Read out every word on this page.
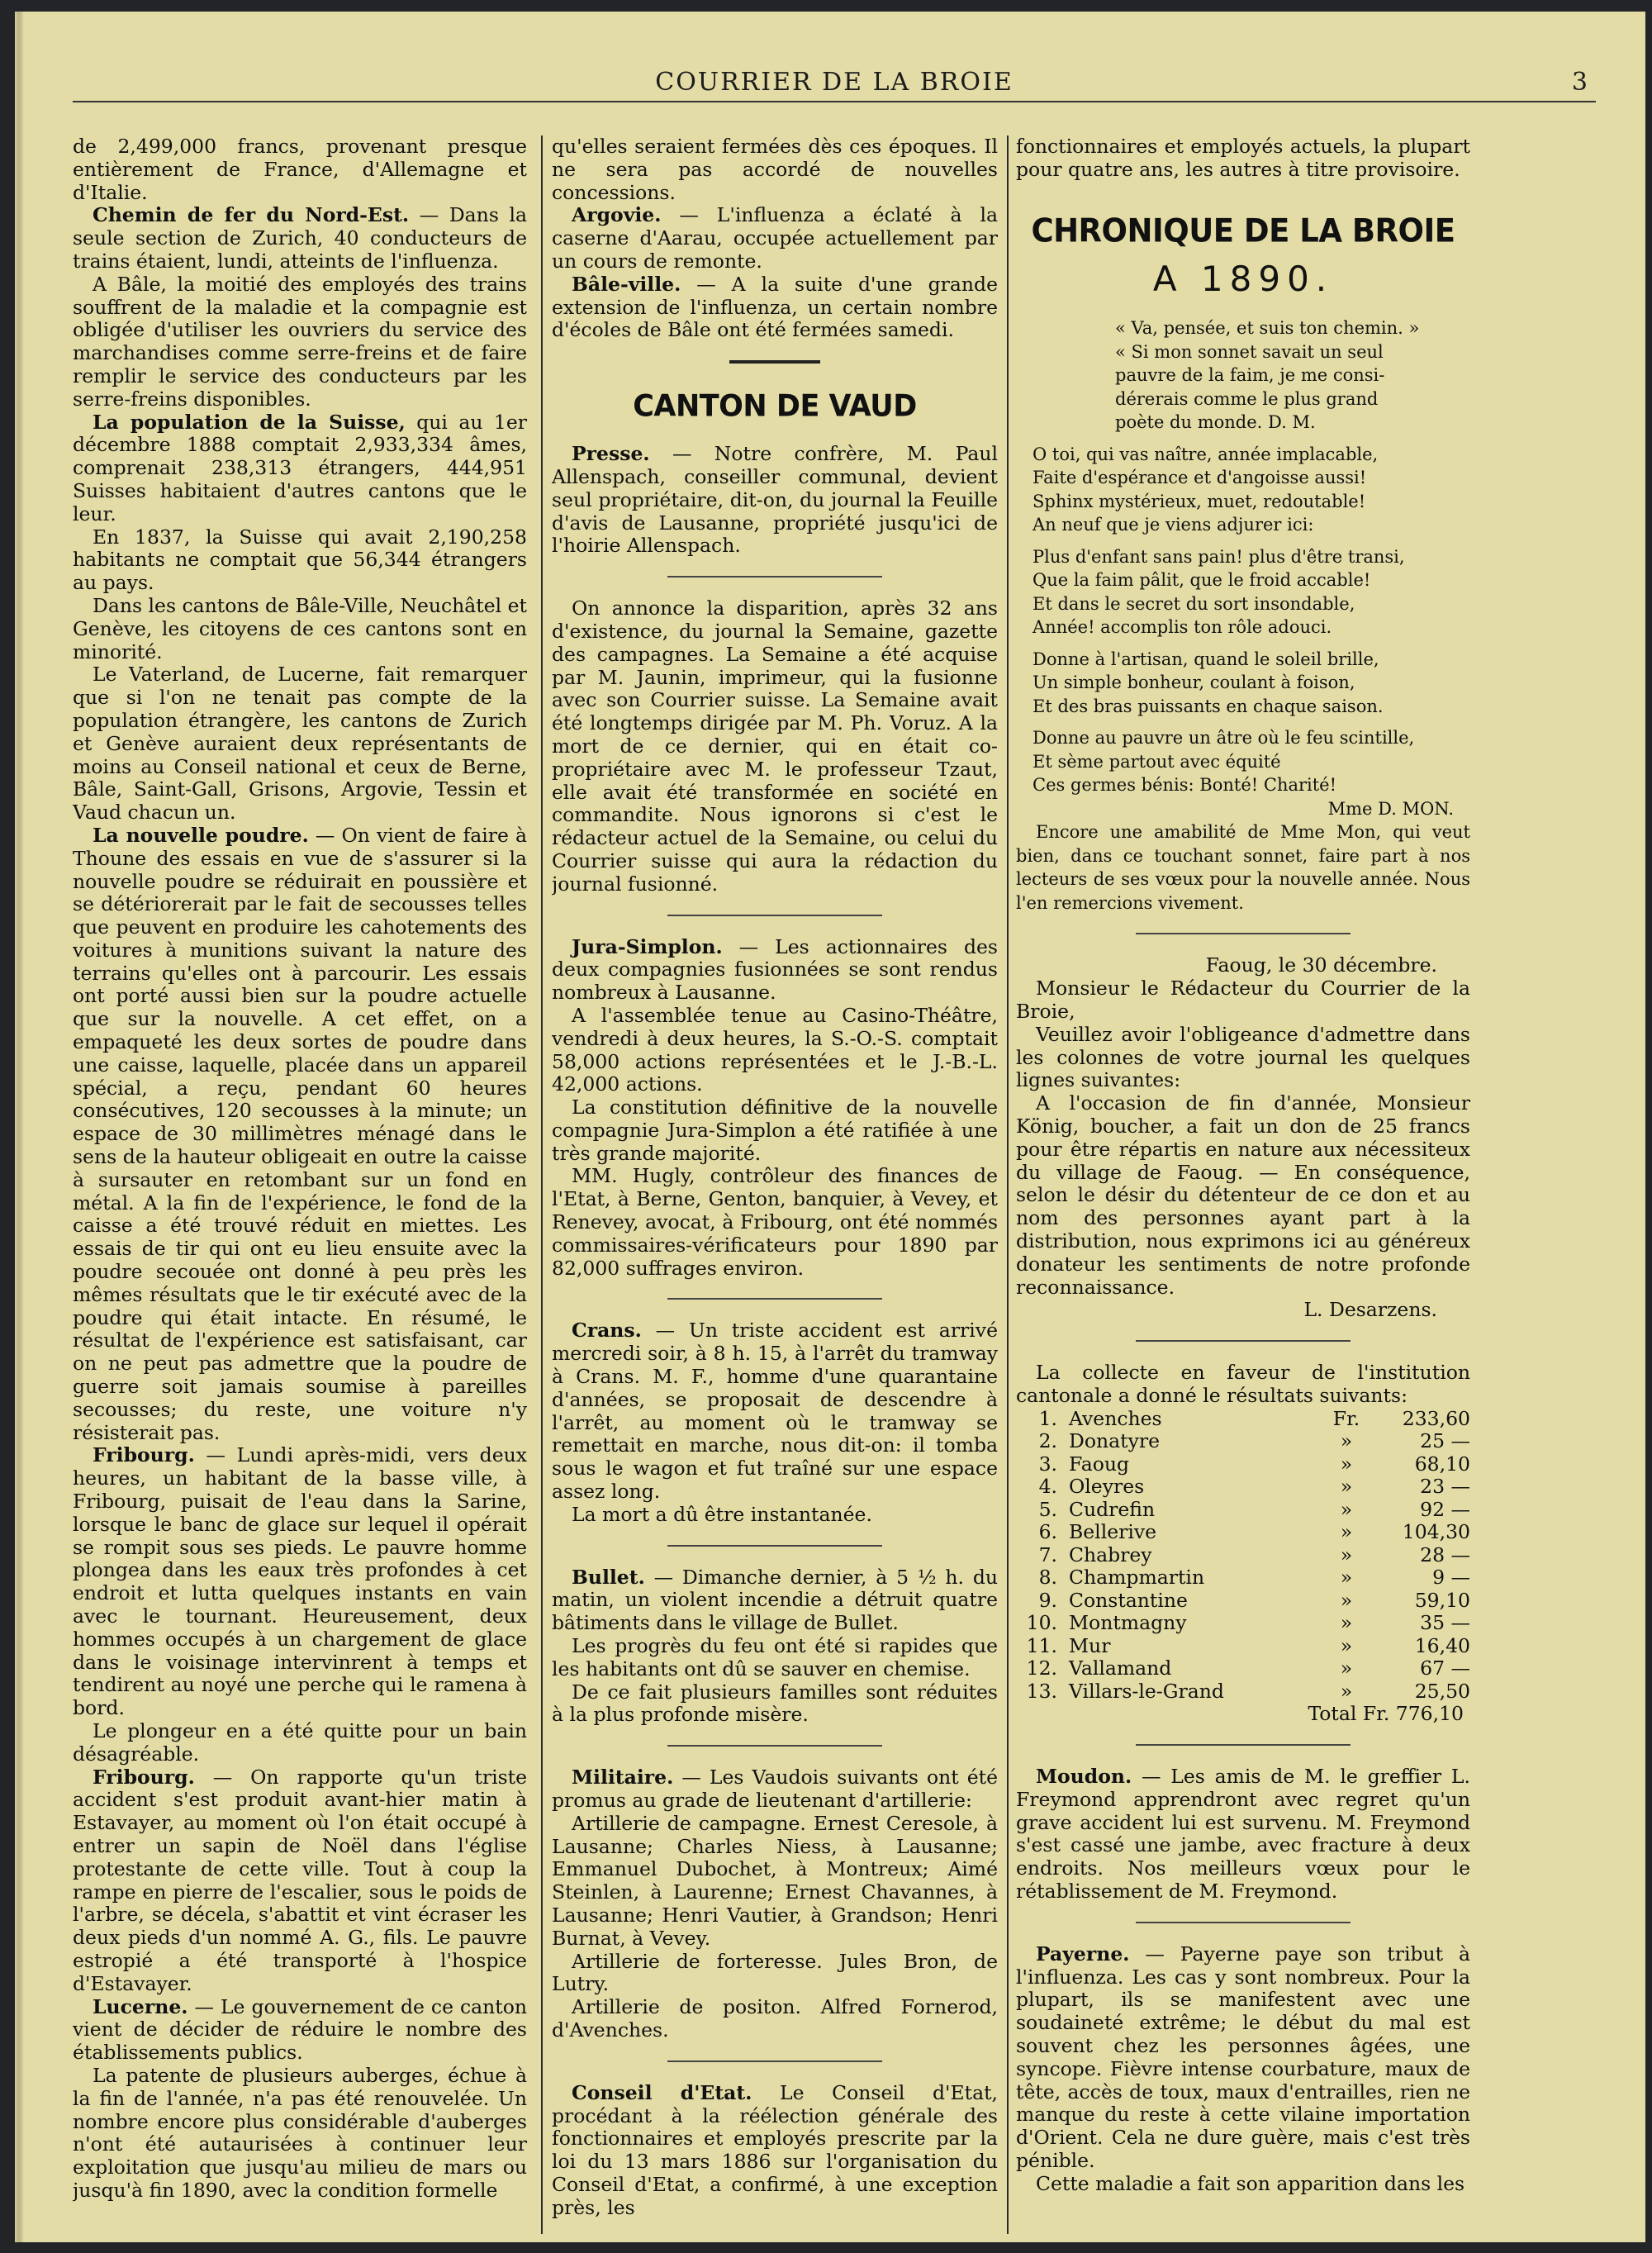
COURRIER DE LA BROIE	3

de 2,499,000 francs, provenant presque entièrement de France, d'Allemagne et d'Italie.

Chemin de fer du Nord-Est. — Dans la seule section de Zurich, 40 conducteurs de trains étaient, lundi, atteints de l'influenza.

A Bâle, la moitié des employés des trains souffrent de la maladie et la compagnie est obligée d'utiliser les ouvriers du service des marchandises comme serre-freins et de faire remplir le service des conducteurs par les serre-freins disponibles.

La population de la Suisse, qui au 1er décembre 1888 comptait 2,933,334 âmes, comprenait 238,313 étrangers, 444,951 Suisses habitaient d'autres cantons que le leur.

En 1837, la Suisse qui avait 2,190,258 habitants ne comptait que 56,344 étrangers au pays.

Dans les cantons de Bâle-Ville, Neuchâtel et Genève, les citoyens de ces cantons sont en minorité.

Le Vaterland, de Lucerne, fait remarquer que si l'on ne tenait pas compte de la population étrangère, les cantons de Zurich et Genève auraient deux représentants de moins au Conseil national et ceux de Berne, Bâle, Saint-Gall, Grisons, Argovie, Tessin et Vaud chacun un.

La nouvelle poudre. — On vient de faire à Thoune des essais en vue de s'assurer si la nouvelle poudre se réduirait en poussière et se détériorerait par le fait de secousses telles que peuvent en produire les cahotements des voitures à munitions suivant la nature des terrains qu'elles ont à parcourir. Les essais ont porté aussi bien sur la poudre actuelle que sur la nouvelle. A cet effet, on a empaqueté les deux sortes de poudre dans une caisse, laquelle, placée dans un appareil spécial, a reçu, pendant 60 heures consécutives, 120 secousses à la minute; un espace de 30 millimètres ménagé dans le sens de la hauteur obligeait en outre la caisse à sursauter en retombant sur un fond en métal. A la fin de l'expérience, le fond de la caisse a été trouvé réduit en miettes. Les essais de tir qui ont eu lieu ensuite avec la poudre secouée ont donné à peu près les mêmes résultats que le tir exécuté avec de la poudre qui était intacte. En résumé, le résultat de l'expérience est satisfaisant, car on ne peut pas admettre que la poudre de guerre soit jamais soumise à pareilles secousses; du reste, une voiture n'y résisterait pas.

Fribourg. — Lundi après-midi, vers deux heures, un habitant de la basse ville, à Fribourg, puisait de l'eau dans la Sarine, lorsque le banc de glace sur lequel il opérait se rompit sous ses pieds. Le pauvre homme plongea dans les eaux très profondes à cet endroit et lutta quelques instants en vain avec le tournant. Heureusement, deux hommes occupés à un chargement de glace dans le voisinage intervinrent à temps et tendirent au noyé une perche qui le ramena à bord.

Le plongeur en a été quitte pour un bain désagréable.

Fribourg. — On rapporte qu'un triste accident s'est produit avant-hier matin à Estavayer, au moment où l'on était occupé à entrer un sapin de Noël dans l'église protestante de cette ville. Tout à coup la rampe en pierre de l'escalier, sous le poids de l'arbre, se décela, s'abattit et vint écraser les deux pieds d'un nommé A. G., fils. Le pauvre estropié a été transporté à l'hospice d'Estavayer.

Lucerne. — Le gouvernement de ce canton vient de décider de réduire le nombre des établissements publics.

La patente de plusieurs auberges, échue à la fin de l'année, n'a pas été renouvelée. Un nombre encore plus considérable d'auberges n'ont été autaurisées à continuer leur exploitation que jusqu'au milieu de mars ou jusqu'à fin 1890, avec la condition formelle

qu'elles seraient fermées dès ces époques. Il ne sera pas accordé de nouvelles concessions.

Argovie. — L'influenza a éclaté à la caserne d'Aarau, occupée actuellement par un cours de remonte.

Bâle-ville. — A la suite d'une grande extension de l'influenza, un certain nombre d'écoles de Bâle ont été fermées samedi.

CANTON DE VAUD

Presse. — Notre confrère, M. Paul Allenspach, conseiller communal, devient seul propriétaire, dit-on, du journal la Feuille d'avis de Lausanne, propriété jusqu'ici de l'hoirie Allenspach.

On annonce la disparition, après 32 ans d'existence, du journal la Semaine, gazette des campagnes. La Semaine a été acquise par M. Jaunin, imprimeur, qui la fusionne avec son Courrier suisse. La Semaine avait été longtemps dirigée par M. Ph. Voruz. A la mort de ce dernier, qui en était co-propriétaire avec M. le professeur Tzaut, elle avait été transformée en société en commandite. Nous ignorons si c'est le rédacteur actuel de la Semaine, ou celui du Courrier suisse qui aura la rédaction du journal fusionné.

Jura-Simplon. — Les actionnaires des deux compagnies fusionnées se sont rendus nombreux à Lausanne.

A l'assemblée tenue au Casino-Théâtre, vendredi à deux heures, la S.-O.-S. comptait 58,000 actions représentées et le J.-B.-L. 42,000 actions.

La constitution définitive de la nouvelle compagnie Jura-Simplon a été ratifiée à une très grande majorité.

MM. Hugly, contrôleur des finances de l'Etat, à Berne, Genton, banquier, à Vevey, et Renevey, avocat, à Fribourg, ont été nommés commissaires-vérificateurs pour 1890 par 82,000 suffrages environ.

Crans. — Un triste accident est arrivé mercredi soir, à 8 h. 15, à l'arrêt du tramway à Crans. M. F., homme d'une quarantaine d'années, se proposait de descendre à l'arrêt, au moment où le tramway se remettait en marche, nous dit-on: il tomba sous le wagon et fut traîné sur une espace assez long.

La mort a dû être instantanée.

Bullet. — Dimanche dernier, à 5 ½ h. du matin, un violent incendie a détruit quatre bâtiments dans le village de Bullet.

Les progrès du feu ont été si rapides que les habitants ont dû se sauver en chemise.

De ce fait plusieurs familles sont réduites à la plus profonde misère.

Militaire. — Les Vaudois suivants ont été promus au grade de lieutenant d'artillerie:

Artillerie de campagne. Ernest Ceresole, à Lausanne; Charles Niess, à Lausanne; Emmanuel Dubochet, à Montreux; Aimé Steinlen, à Laurenne; Ernest Chavannes, à Lausanne; Henri Vautier, à Grandson; Henri Burnat, à Vevey.

Artillerie de forteresse. Jules Bron, de Lutry.

Artillerie de positon. Alfred Fornerod, d'Avenches.

Conseil d'Etat. Le Conseil d'Etat, procédant à la réélection générale des fonctionnaires et employés prescrite par la loi du 13 mars 1886 sur l'organisation du Conseil d'Etat, a confirmé, à une exception près, les

fonctionnaires et employés actuels, la plupart pour quatre ans, les autres à titre provisoire.

CHRONIQUE DE LA BROIE
A 1890.

« Va, pensée, et suis ton chemin. »

« Si mon sonnet savait un seul

pauvre de la faim, je me consi-

dérerais comme le plus grand

poète du monde. D. M.

O toi, qui vas naître, année implacable,

Faite d'espérance et d'angoisse aussi!

Sphinx mystérieux, muet, redoutable!

An neuf que je viens adjurer ici:

Plus d'enfant sans pain! plus d'être transi,

Que la faim pâlit, que le froid accable!

Et dans le secret du sort insondable,

Année! accomplis ton rôle adouci.

Donne à l'artisan, quand le soleil brille,

Un simple bonheur, coulant à foison,

Et des bras puissants en chaque saison.

Donne au pauvre un âtre où le feu scintille,

Et sème partout avec équité

Ces germes bénis: Bonté! Charité!

Mme D. MON.

Encore une amabilité de Mme Mon, qui veut bien, dans ce touchant sonnet, faire part à nos lecteurs de ses vœux pour la nouvelle année. Nous l'en remercions vivement.

Faoug, le 30 décembre.

Monsieur le Rédacteur du Courrier de la Broie,

Veuillez avoir l'obligeance d'admettre dans les colonnes de votre journal les quelques lignes suivantes:

A l'occasion de fin d'année, Monsieur König, boucher, a fait un don de 25 francs pour être répartis en nature aux nécessiteux du village de Faoug. — En conséquence, selon le désir du détenteur de ce don et au nom des personnes ayant part à la distribution, nous exprimons ici au généreux donateur les sentiments de notre profonde reconnaissance.

L. Desarzens.

La collecte en faveur de l'institution cantonale a donné le résultats suivants:

1.	Avenches	Fr.	233,60
2.	Donatyre	»	25 —
3.	Faoug	»	68,10
4.	Oleyres	»	23 —
5.	Cudrefin	»	92 —
6.	Bellerive	»	104,30
7.	Chabrey	»	28 —
8.	Champmartin	»	9 —
9.	Constantine	»	59,10
10.	Montmagny	»	35 —
11.	Mur	»	16,40
12.	Vallamand	»	67 —
13.	Villars-le-Grand	»	25,50

Total Fr. 776,10

Moudon. — Les amis de M. le greffier L. Freymond apprendront avec regret qu'un grave accident lui est survenu. M. Freymond s'est cassé une jambe, avec fracture à deux endroits. Nos meilleurs vœux pour le rétablissement de M. Freymond.

Payerne. — Payerne paye son tribut à l'influenza. Les cas y sont nombreux. Pour la plupart, ils se manifestent avec une soudaineté extrême; le début du mal est souvent chez les personnes âgées, une syncope. Fièvre intense courbature, maux de tête, accès de toux, maux d'entrailles, rien ne manque du reste à cette vilaine importation d'Orient. Cela ne dure guère, mais c'est très pénible.

Cette maladie a fait son apparition dans les
